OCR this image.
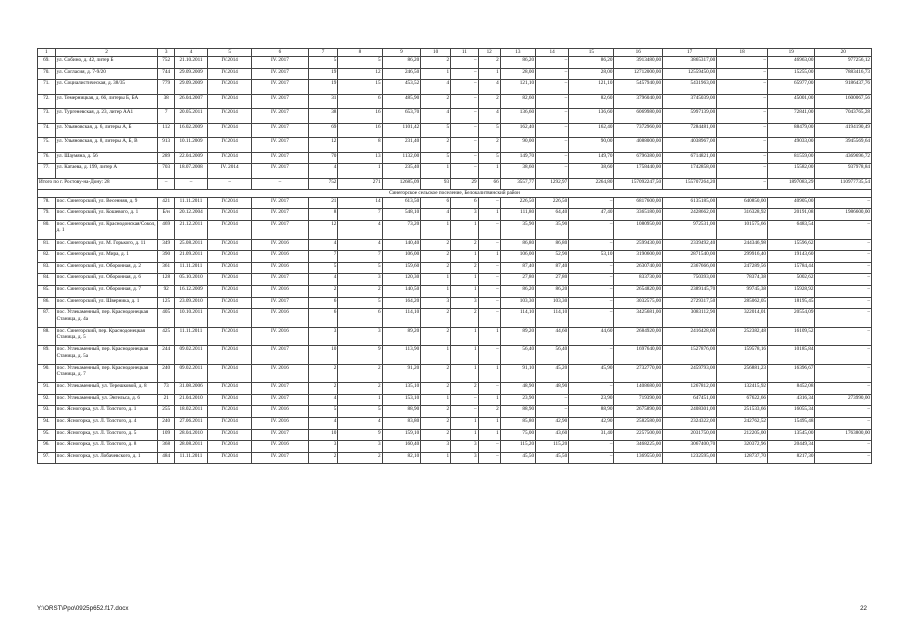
1	2	3	4	5	6	7	8	9	10	11	12	13	14	15	16	17	18	19	20
69.	ул. Собино, д. 42, литер Б	752	21.10.2011	IV.2014	IV. 2017	5	5	86,20	2	–	2	86,20	–	86,20	3913480,00	3865317,00	–	46963,00	977256,12
70.	ул. Согласия, д. 7-9/20	744	29.09.2009	IV.2014	IV. 2017	19	12	246,50	1	–	1	28,00	–	28,00	12712000,00	12559450,00	–	15255,00	7883416,73
71.	ул. Социалистическая, д. 38/35	779	29.09.2009	IV.2014	IV. 2017	19	15	453,52	4	–	4	121,10	–	121,10	5457940,00	5431963,00	–	65977,00	9186437,76
72.	ул. Темерницкая, д. 66, литеры Б, БА	38	26.04.2007	IV.2014	IV. 2017	31	6	485,90	2	–	2	82,60	–	82,60	3796040,00	3745039,00	–	45001,00	1600067,56
73.	ул. Тургеневская, д. 23, литер АА1	7	20.05.2011	IV.2014	IV. 2017	38	16	653,70	4	–	4	136,60	–	136,60	6069980,00	5997139,00	–	72841,00	7043765,28
74.	ул. Ульяновская, д. 6, литеры А, Б	112	16.02.2009	IV.2014	IV. 2017	69	16	1101,42	5	–	5	162,40	–	162,40	7372960,00	7284481,00	–	88479,00	4194190,49
75.	ул. Ульяновская, д. 8, литеры А, Б, В	913	10.11.2009	IV.2014	IV. 2017	12	8	231,40	2	–	2	90,00	–	90,00	4088000,00	4038967,00	–	49033,00	3945569,64
76.	ул. Шаумяна, д. 56	289	22.04.2009	IV.2014	IV. 2017	70	13	1132,00	5	–	5	149,70	–	149,70	6796380,00	6714821,00	–	81559,00	4369696,72
77.	ул. Катаева, д. 199, литер А	703	18.07.2008	IV. 2014	IV. 2017	4	1	235,40	1	–	1	38,60	–	38,60	1758440,00	1742858,00	–	15582,00	937978,84
Итого по г. Ростову-на-Дону: 28		–	–	–	–	752	271	12685,09	93	29	66	3557,77	1292,97	2264,80	157092247,50	155707264,20	–	1897083,29	110977735,54
Синегорское сельское поселение, Белокалитвинский район																			
78.	пос. Синегорский, ул. Весенняя, д. 9	421	11.11.2011	IV.2014	IV. 2017	21	14	613,50	6	6	–	226,50	226,50	–	6817600,00	6135185,00	640850,00	40905,00	–
79.	пос. Синегорский, ул. Кошевого, д. 1	Б/н	20.12.2004	IV.2014	IV. 2017	8	7	548,10	4	3	1	111,80	64,40	47,40	3365180,00	2428662,00	316328,92	20191,08	1986600,00
80.	пос. Синегорский, ул. Краснодонская/Сокол, д. 1	469	21.12.2011	IV.2014	IV. 2017	12	4	73,20	1	1	–	35,90	35,90	–	1080950,00	972531,00	101575,66	6483,54	–
81.	пос. Синегорский, ул. М. Горького, д. 11	349	25.08.2011	IV.2014	IV. 2016	4	4	140,40	2	2	–	86,80	86,80	–	2599430,00	2339492,40	244346,98	15596,62	–
82.	пос. Синегорский, ул. Мира, д. 1	390	21.09.2011	IV.2014	IV. 2016	7	7	106,00	2	1	1	106,00	52,90	53,10	3190600,00	2871540,00	299916,40	19143,60	–
83.	пос. Синегорский, ул. Оборонная, д. 2	361	11.11.2011	IV.2014	IV. 2016	5	5	159,60	2	2	–	87,40	87,40	–	2630740,00	2367666,00	247289,56	15784,44	–
84.	пос. Синегорский, ул. Оборонная, д. 6	128	05.10.2010	IV.2014	IV. 2017	4	3	120,30	1	1	–	27,80	27,80	–	833730,00	750393,00	78374,38	5002,62	–
85.	пос. Синегорский, ул. Оборонная, д. 7	92	16.12.2009	IV.2014	IV. 2016	2	2	140,50	1	1	–	86,20	86,20	–	2654820,00	2389145,70	99745,38	15928,92	–
86.	пос. Синегорский, ул. Шверника, д. 1	125	23.09.2010	IV.2014	IV. 2017	6	5	164,20	3	3	–	103,30	103,30	–	3032575,00	2729317,50	285062,05	18195,45	–
87.	пос. Углекаменный, пер. Краснодонецкая Станица, д. 4а	405	10.10.2011	IV.2014	IV. 2016	6	6	114,10	2	2	–	114,10	114,10	–	3425681,00	3083112,90	322014,01	20554,09	–
88.	пос. Синегорский, пер. Краснодонецкая Станица, д. 5	425	11.11.2011	IV.2014	IV. 2016	3	3	89,20	2	1	1	89,20	44,60	44,60	2684920,00	2416428,00	252382,48	16109,52	–
89.	пос. Углекаменный, пер. Краснодонецкая Станица, д. 5а	244	09.02.2011	IV.2014	IV. 2017	10	9	113,90	1	1	–	56,40	56,40	–	1697640,00	1527876,00	159578,16	10185,84	–
90.	пос. Углекаменный, пер. Краснодонецкая Станица, д. 7	240	09.02.2011	IV.2014	IV. 2016	2	2	91,20	2	1	1	91,10	45,20	45,90	2732770,00	2459793,00	256881,23	16396,67	–
91.	пос. Углекаменный, ул. Терешковой, д. 8	73	31.08.2006	IV.2014	IV. 2017	2	2	135,10	2	2	–	48,90	48,90	–	1408680,00	1267812,00	132415,92	8452,08	–
92.	пос. Углекаменный, ул. Энгельса, д. 6	21	21.04.2010	IV.2014	IV. 2017	4	1	153,10	1	–	1	23,90	–	23,90	719390,00	647451,00	67622,66	4316,34	273990,00
93.	пос. Ясногорка, ул. Л. Толстого, д. 1	255	18.02.2011	IV.2014	IV. 2016	5	5	88,90	2	–	2	88,90	–	88,90	2675890,00	2408301,00	251533,66	16055,34	–
94.	пос. Ясногорка, ул. Л. Толстого, д. 4	240	27.06.2011	IV.2014	IV. 2016	4	4	83,80	2	1	1	85,80	42,90	42,90	2582580,00	2324322,00	242762,52	15495,48	–
95.	пос. Ясногорка, ул. Л. Толстого, д. 5	109	28.04.2010	IV.2014	IV. 2017	10	9	159,10	2	1	1	75,00	43,60	31,40	2257500,00	2031750,00	212205,00	13545,00	1763800,00
96.	пос. Ясногорка, ул. Л. Толстого, д. 8	368	28.08.2011	IV.2014	IV. 2016	3	3	160,40	3	3	–	115,20	115,20	–	3468225,00	3067400,70	320372,96	20449,34	–
97.	пос. Ясногорка, ул. Лобачевского, д. 1	484	11.11.2011	IV.2014	IV. 2017	2	2	82,10	1	3	–	45,50	45,50	–	1369550,00	1232595,00	128737,70	8217,30	–
Y:\ORST\Ppo\0925p652.f17.docx	22
